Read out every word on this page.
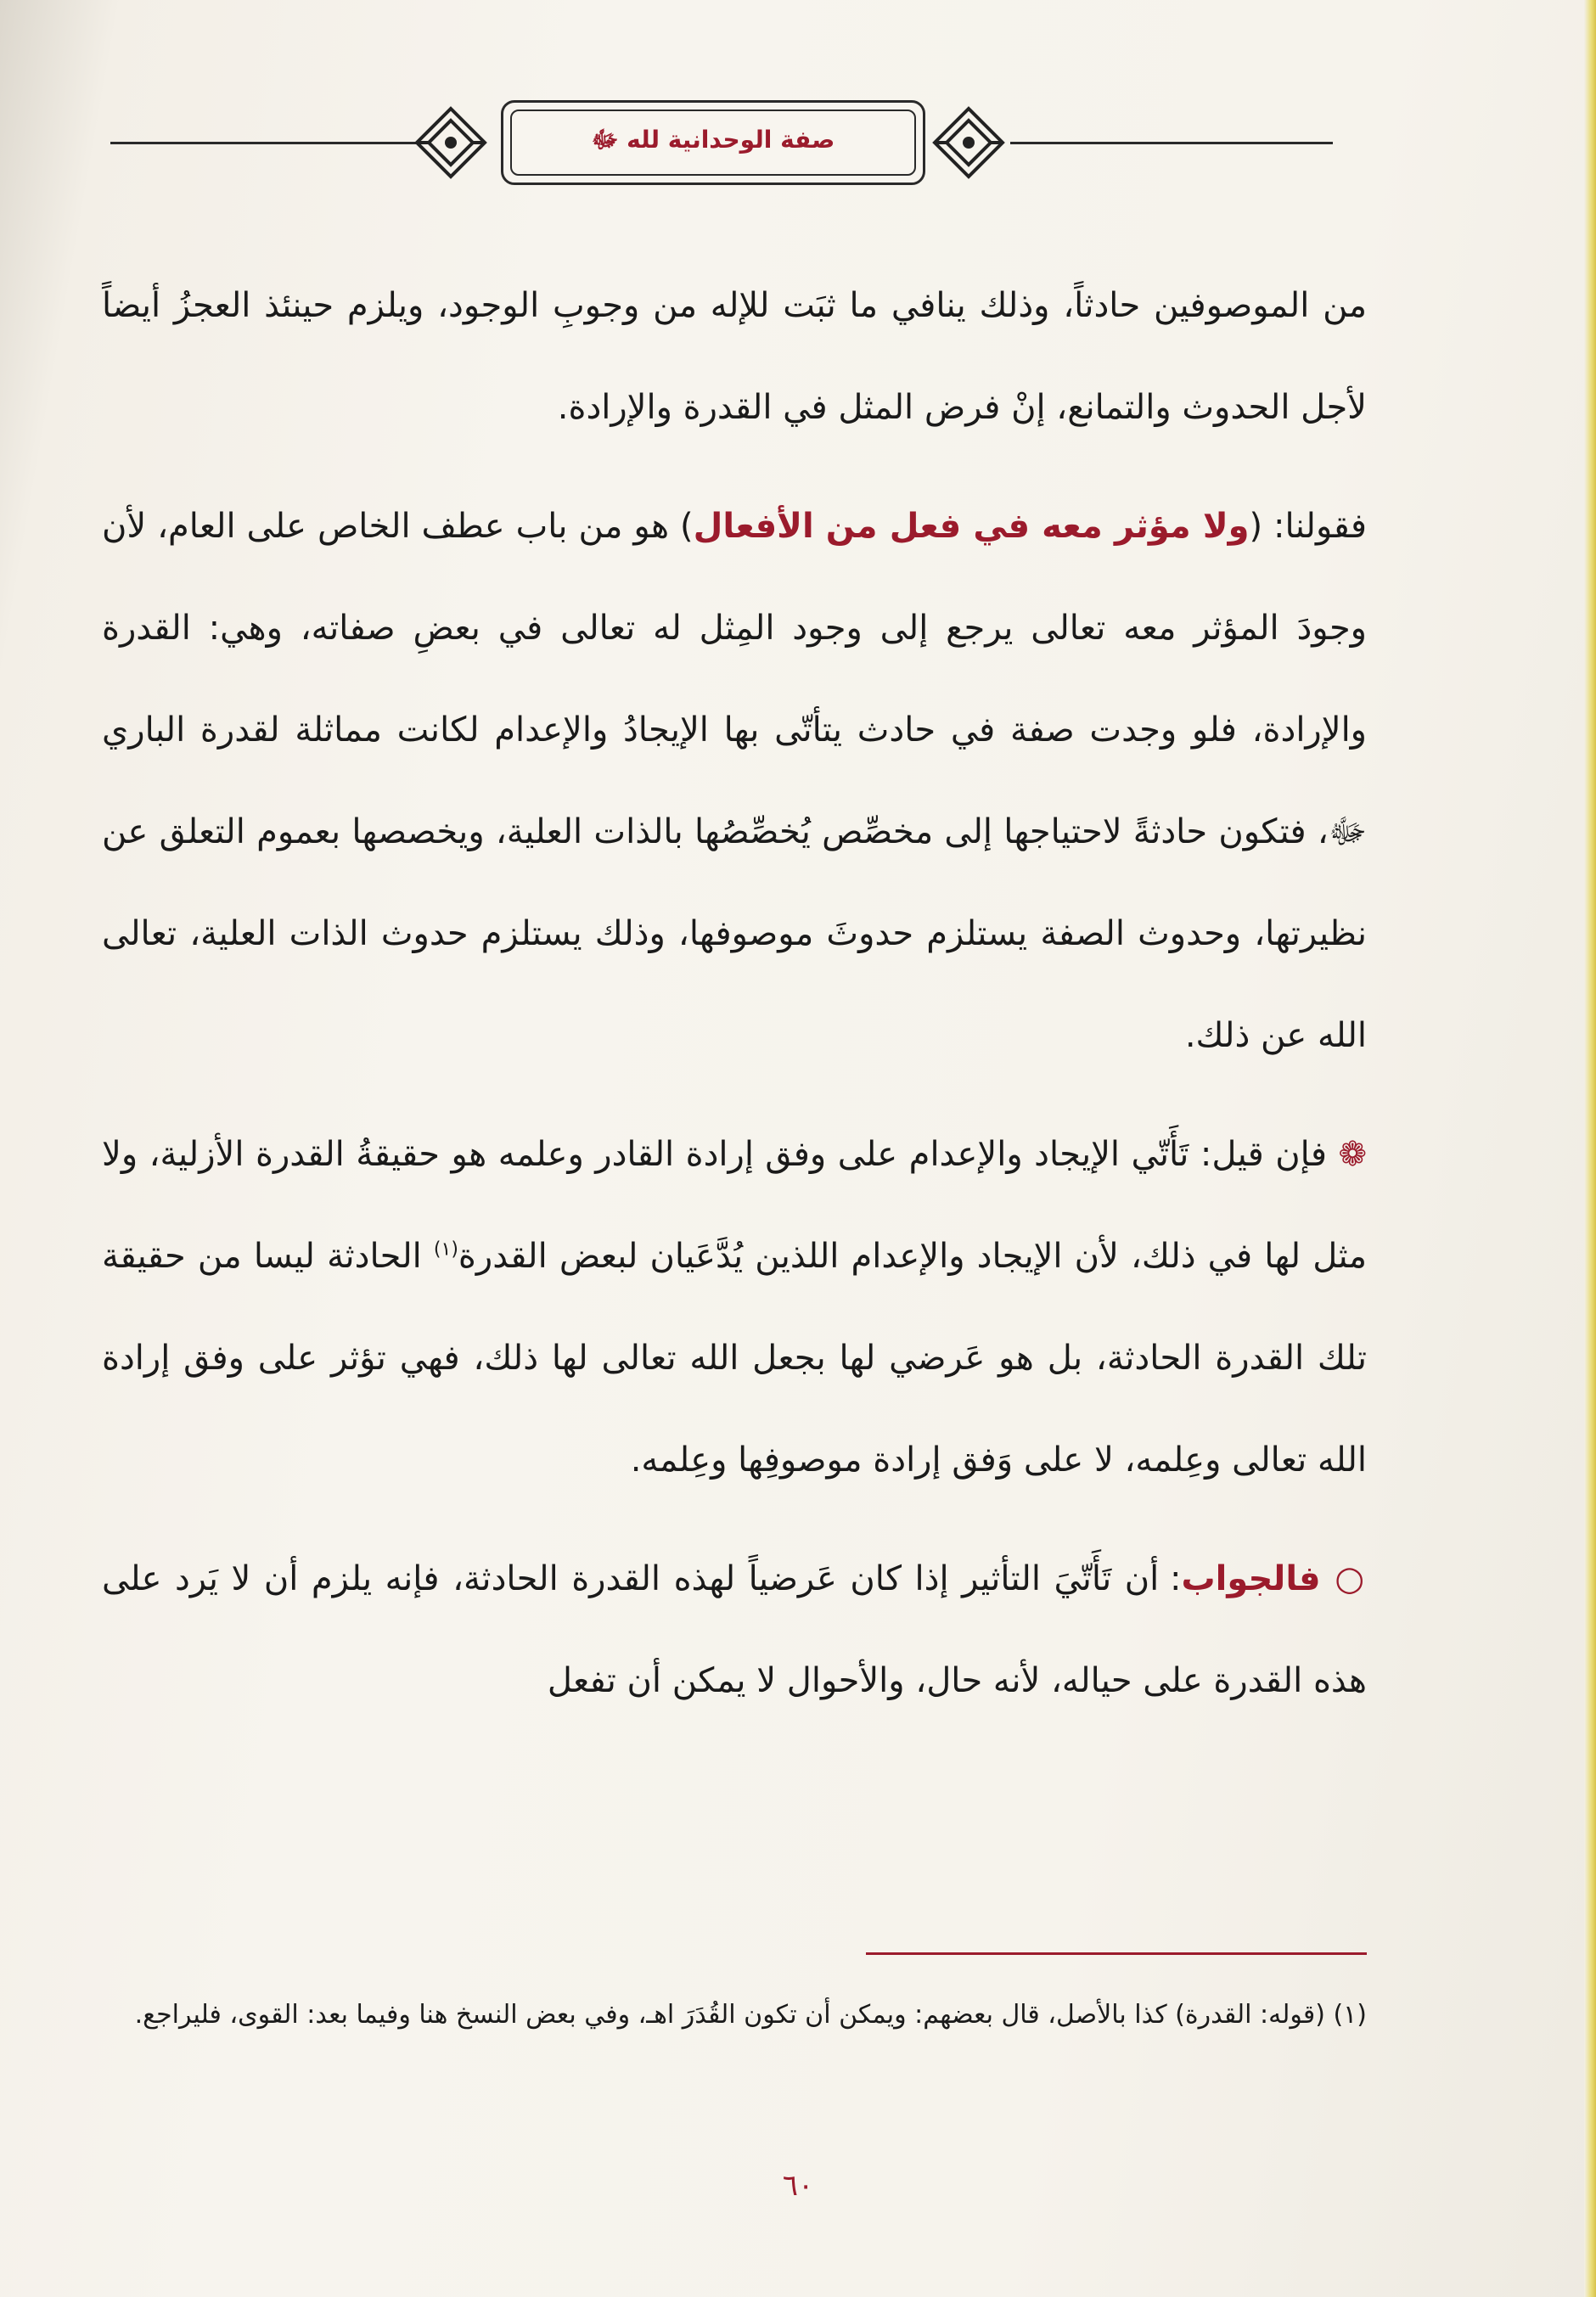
صفة الوحدانية لله ﷻ

من الموصوفين حادثاً، وذلك ينافي ما ثبَت للإله من وجوبِ الوجود، ويلزم حينئذ العجزُ أيضاً لأجل الحدوث والتمانع، إنْ فرض المثل في القدرة والإرادة.

فقولنا: (ولا مؤثر معه في فعل من الأفعال) هو من باب عطف الخاص على العام، لأن وجودَ المؤثر معه تعالى يرجع إلى وجود المِثل له تعالى في بعضِ صفاته، وهي: القدرة والإرادة، فلو وجدت صفة في حادث يتأتّى بها الإيجادُ والإعدام لكانت مماثلة لقدرة الباري ﷻ، فتكون حادثةً لاحتياجها إلى مخصِّص يُخصِّصُها بالذات العلية، ويخصصها بعموم التعلق عن نظيرتها، وحدوث الصفة يستلزم حدوثَ موصوفها، وذلك يستلزم حدوث الذات العلية، تعالى الله عن ذلك.

❁ فإن قيل: تَأَتّي الإيجاد والإعدام على وفق إرادة القادر وعلمه هو حقيقةُ القدرة الأزلية، ولا مثل لها في ذلك، لأن الإيجاد والإعدام اللذين يُدَّعَيان لبعض القدرة$^{(١)}$ الحادثة ليسا من حقيقة تلك القدرة الحادثة، بل هو عَرضي لها بجعل الله تعالى لها ذلك، فهي تؤثر على وفق إرادة الله تعالى وعِلمه، لا على وَفق إرادة موصوفِها وعِلمه.

○ فالجواب: أن تَأَتّيَ التأثير إذا كان عَرضياً لهذه القدرة الحادثة، فإنه يلزم أن لا يَرد على هذه القدرة على حياله، لأنه حال، والأحوال لا يمكن أن تفعل

(١) (قوله: القدرة) كذا بالأصل، قال بعضهم: ويمكن أن تكون القُدَرَ اهـ، وفي بعض النسخ هنا وفيما بعد: القوى، فليراجع.
٦٠
